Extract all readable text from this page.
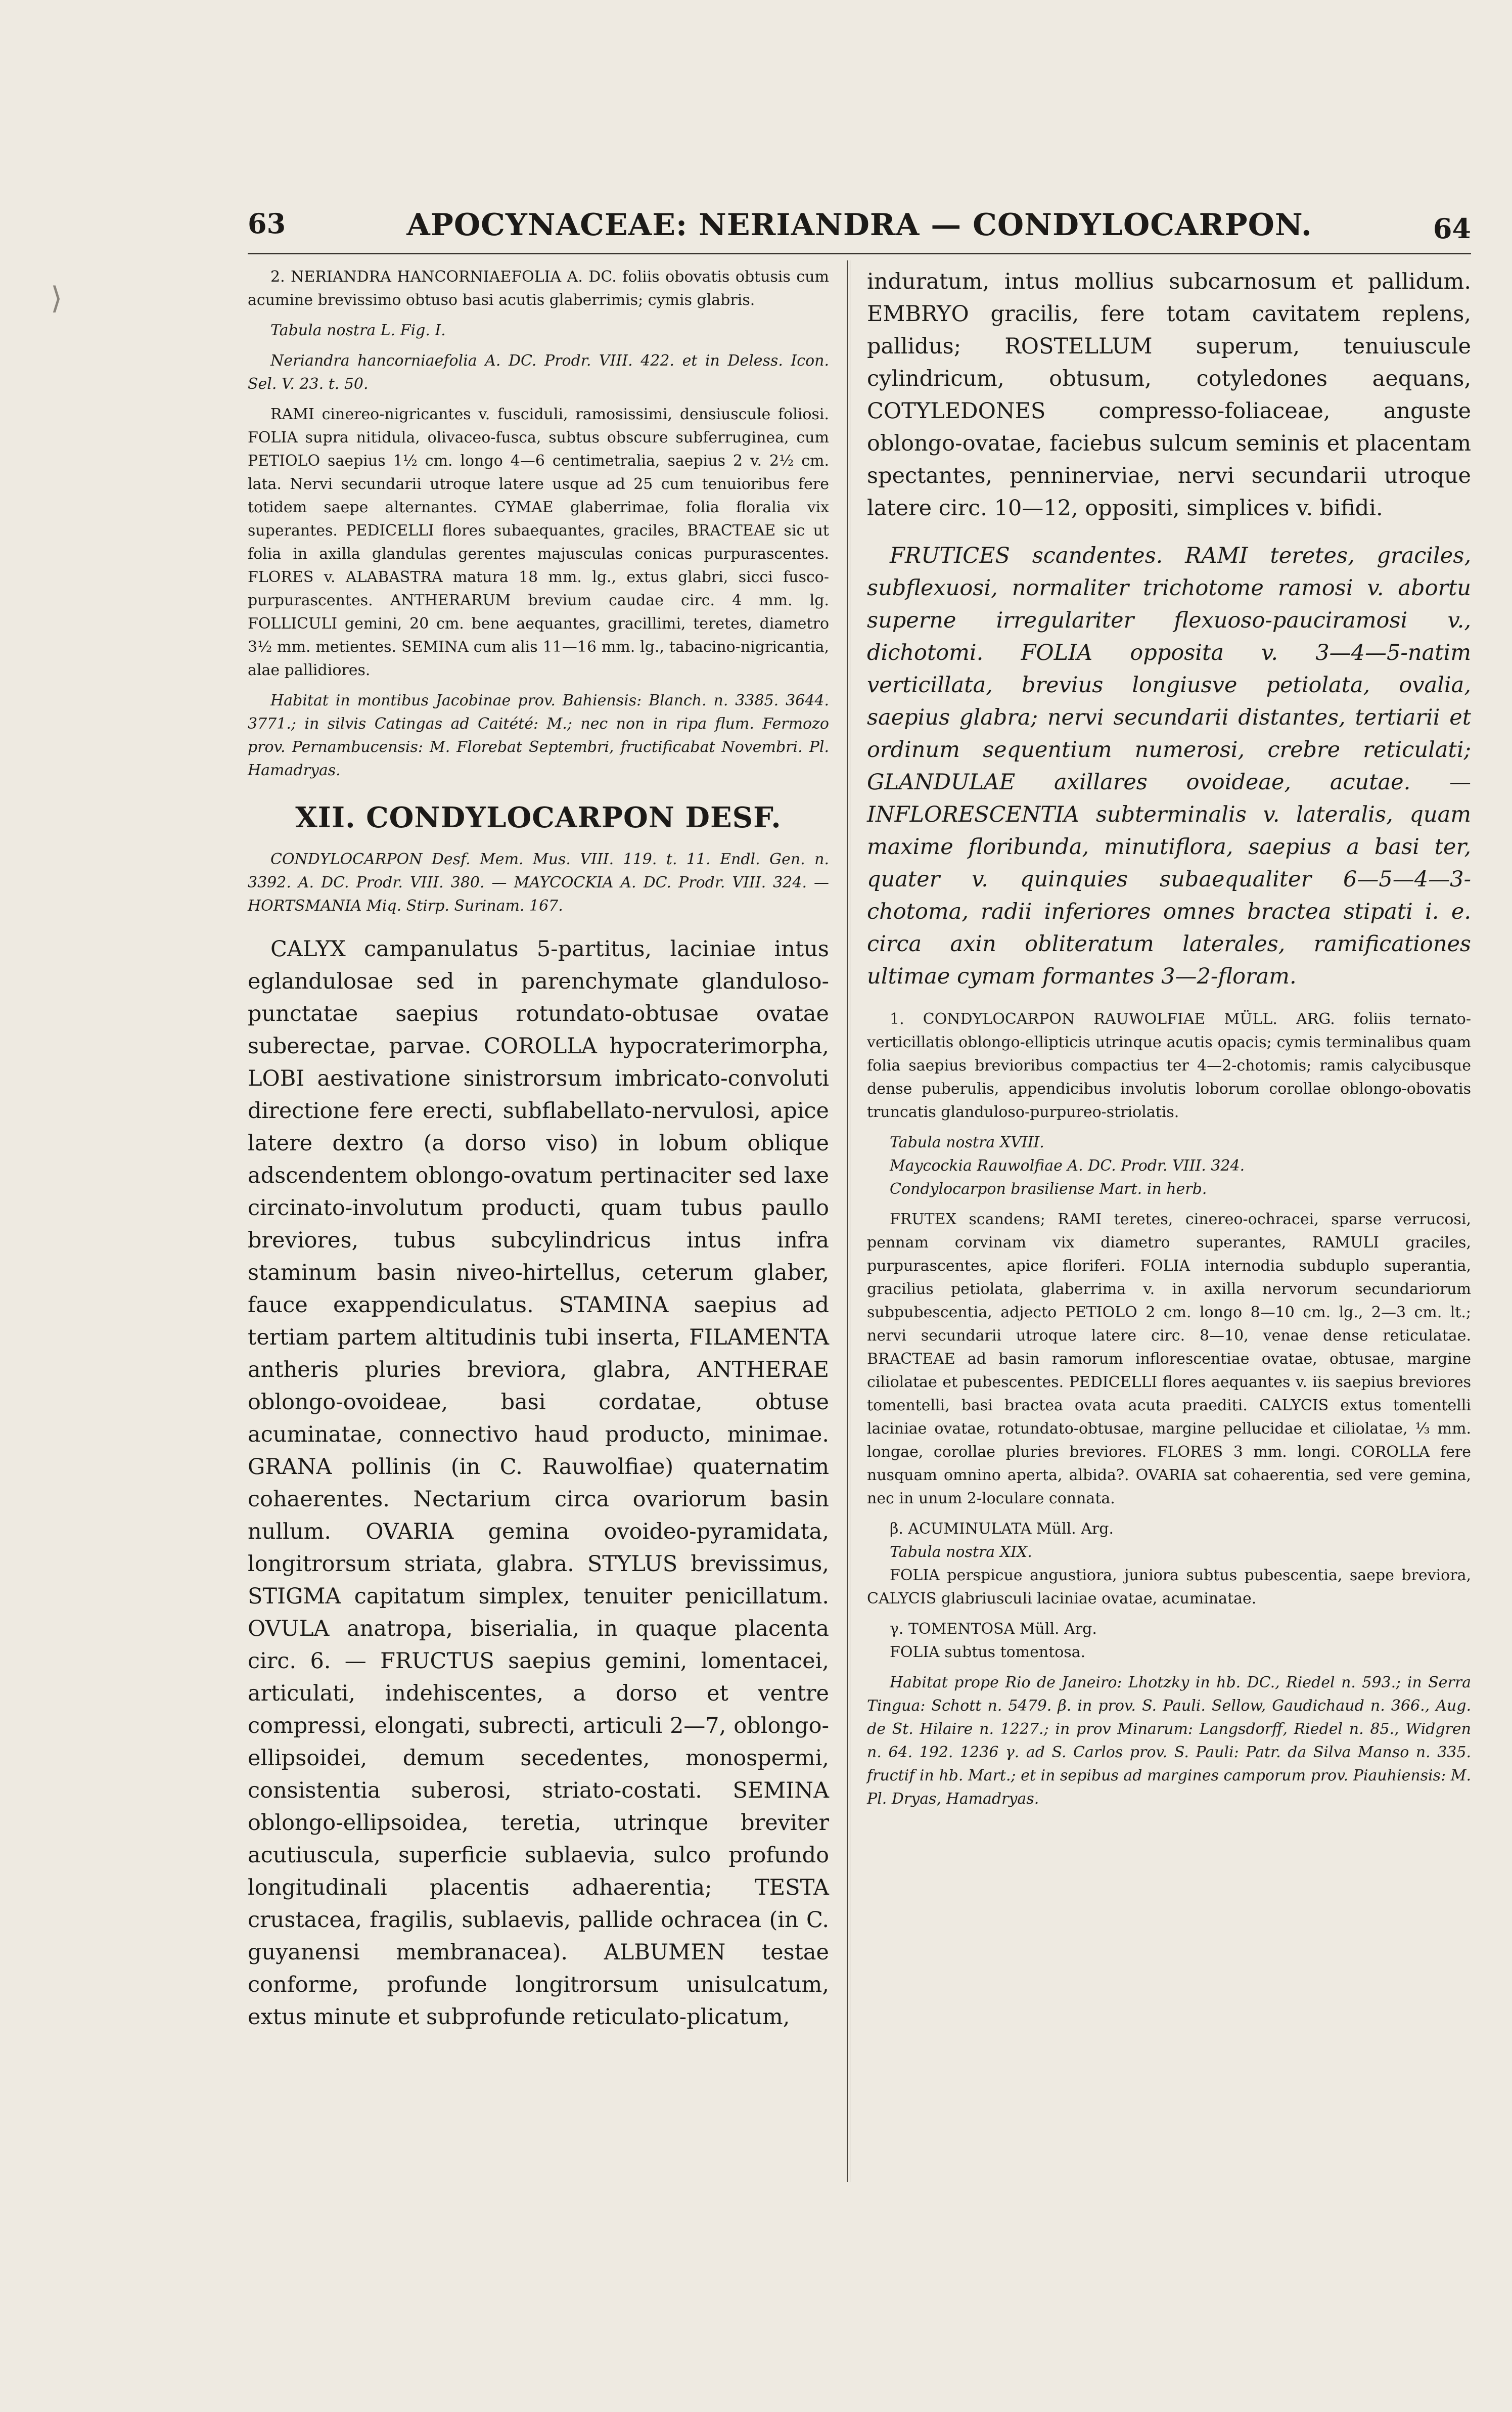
⟩
63	APOCYNACEAE: NERIANDRA — CONDYLOCARPON.	64

2. NERIANDRA HANCORNIAEFOLIA A. DC. foliis obovatis obtusis cum acumine brevissimo obtuso basi acutis glaberrimis; cymis glabris.

Tabula nostra L. Fig. I.

Neriandra hancorniaefolia A. DC. Prodr. VIII. 422. et in Deless. Icon. Sel. V. 23. t. 50.

RAMI cinereo-nigricantes v. fusciduli, ramosissimi, densiuscule foliosi. FOLIA supra nitidula, olivaceo-fusca, subtus obscure subferruginea, cum PETIOLO saepius 1½ cm. longo 4—6 centimetralia, saepius 2 v. 2½ cm. lata. Nervi secundarii utroque latere usque ad 25 cum tenuioribus fere totidem saepe alternantes. CYMAE glaberrimae, folia floralia vix superantes. PEDICELLI flores subaequantes, graciles, BRACTEAE sic ut folia in axilla glandulas gerentes majusculas conicas purpurascentes. FLORES v. ALABASTRA matura 18 mm. lg., extus glabri, sicci fusco-purpurascentes. ANTHERARUM brevium caudae circ. 4 mm. lg. FOLLICULI gemini, 20 cm. bene aequantes, gracillimi, teretes, diametro 3½ mm. metientes. SEMINA cum alis 11—16 mm. lg., tabacino-nigricantia, alae pallidiores.

Habitat in montibus Jacobinae prov. Bahiensis: Blanch. n. 3385. 3644. 3771.; in silvis Catingas ad Caitété: M.; nec non in ripa flum. Fermozo prov. Pernambucensis: M. Florebat Septembri, fructificabat Novembri. Pl. Hamadryas.

XII. CONDYLOCARPON DESF.

CONDYLOCARPON Desf. Mem. Mus. VIII. 119. t. 11. Endl. Gen. n. 3392. A. DC. Prodr. VIII. 380. — MAYCOCKIA A. DC. Prodr. VIII. 324. — HORTSMANIA Miq. Stirp. Surinam. 167.

CALYX campanulatus 5-partitus, laciniae intus eglandulosae sed in parenchymate glanduloso-punctatae saepius rotundato-obtusae ovatae suberectae, parvae. COROLLA hypocraterimorpha, LOBI aestivatione sinistrorsum imbricato-convoluti directione fere erecti, subflabellato-nervulosi, apice latere dextro (a dorso viso) in lobum oblique adscendentem oblongo-ovatum pertinaciter sed laxe circinato-involutum producti, quam tubus paullo breviores, tubus subcylindricus intus infra staminum basin niveo-hirtellus, ceterum glaber, fauce exappendiculatus. STAMINA saepius ad tertiam partem altitudinis tubi inserta, FILAMENTA antheris pluries breviora, glabra, ANTHERAE oblongo-ovoideae, basi cordatae, obtuse acuminatae, connectivo haud producto, minimae. GRANA pollinis (in C. Rauwolfiae) quaternatim cohaerentes. Nectarium circa ovariorum basin nullum. OVARIA gemina ovoideo-pyramidata, longitrorsum striata, glabra. STYLUS brevissimus, STIGMA capitatum simplex, tenuiter penicillatum. OVULA anatropa, biserialia, in quaque placenta circ. 6. — FRUCTUS saepius gemini, lomentacei, articulati, indehiscentes, a dorso et ventre compressi, elongati, subrecti, articuli 2—7, oblongo-ellipsoidei, demum secedentes, monospermi, consistentia suberosi, striato-costati. SEMINA oblongo-ellipsoidea, teretia, utrinque breviter acutiuscula, superficie sublaevia, sulco profundo longitudinali placentis adhaerentia; TESTA crustacea, fragilis, sublaevis, pallide ochracea (in C. guyanensi membranacea). ALBUMEN testae conforme, profunde longitrorsum unisulcatum, extus minute et subprofunde reticulato-plicatum,

induratum, intus mollius subcarnosum et pallidum. EMBRYO gracilis, fere totam cavitatem replens, pallidus; ROSTELLUM superum, tenuiuscule cylindricum, obtusum, cotyledones aequans, COTYLEDONES compresso-foliaceae, anguste oblongo-ovatae, faciebus sulcum seminis et placentam spectantes, penninerviae, nervi secundarii utroque latere circ. 10—12, oppositi, simplices v. bifidi.

FRUTICES scandentes. RAMI teretes, graciles, subflexuosi, normaliter trichotome ramosi v. abortu superne irregulariter flexuoso-pauciramosi v., dichotomi. FOLIA opposita v. 3—4—5-natim verticillata, brevius longiusve petiolata, ovalia, saepius glabra; nervi secundarii distantes, tertiarii et ordinum sequentium numerosi, crebre reticulati; GLANDULAE axillares ovoideae, acutae. — INFLORESCENTIA subterminalis v. lateralis, quam maxime floribunda, minutiflora, saepius a basi ter, quater v. quinquies subaequaliter 6—5—4—3-chotoma, radii inferiores omnes bractea stipati i. e. circa axin obliteratum laterales, ramificationes ultimae cymam formantes 3—2-floram.

1. CONDYLOCARPON RAUWOLFIAE MÜLL. ARG. foliis ternato-verticillatis oblongo-ellipticis utrinque acutis opacis; cymis terminalibus quam folia saepius brevioribus compactius ter 4—2-chotomis; ramis calycibusque dense puberulis, appendicibus involutis loborum corollae oblongo-obovatis truncatis glanduloso-purpureo-striolatis.

Tabula nostra XVIII.

Maycockia Rauwolfiae A. DC. Prodr. VIII. 324.

Condylocarpon brasiliense Mart. in herb.

FRUTEX scandens; RAMI teretes, cinereo-ochracei, sparse verrucosi, pennam corvinam vix diametro superantes, RAMULI graciles, purpurascentes, apice floriferi. FOLIA internodia subduplo superantia, gracilius petiolata, glaberrima v. in axilla nervorum secundariorum subpubescentia, adjecto PETIOLO 2 cm. longo 8—10 cm. lg., 2—3 cm. lt.; nervi secundarii utroque latere circ. 8—10, venae dense reticulatae. BRACTEAE ad basin ramorum inflorescentiae ovatae, obtusae, margine ciliolatae et pubescentes. PEDICELLI flores aequantes v. iis saepius breviores tomentelli, basi bractea ovata acuta praediti. CALYCIS extus tomentelli laciniae ovatae, rotundato-obtusae, margine pellucidae et ciliolatae, ⅓ mm. longae, corollae pluries breviores. FLORES 3 mm. longi. COROLLA fere nusquam omnino aperta, albida?. OVARIA sat cohaerentia, sed vere gemina, nec in unum 2-loculare connata.

β. ACUMINULATA Müll. Arg.

Tabula nostra XIX.

FOLIA perspicue angustiora, juniora subtus pubescentia, saepe breviora, CALYCIS glabriusculi laciniae ovatae, acuminatae.

γ. TOMENTOSA Müll. Arg.

FOLIA subtus tomentosa.

Habitat prope Rio de Janeiro: Lhotzky in hb. DC., Riedel n. 593.; in Serra Tingua: Schott n. 5479. β. in prov. S. Pauli. Sellow, Gaudichaud n. 366., Aug. de St. Hilaire n. 1227.; in prov Minarum: Langsdorff, Riedel n. 85., Widgren n. 64. 192. 1236 γ. ad S. Carlos prov. S. Pauli: Patr. da Silva Manso n. 335. fructif in hb. Mart.; et in sepibus ad margines camporum prov. Piauhiensis: M. Pl. Dryas, Hamadryas.
